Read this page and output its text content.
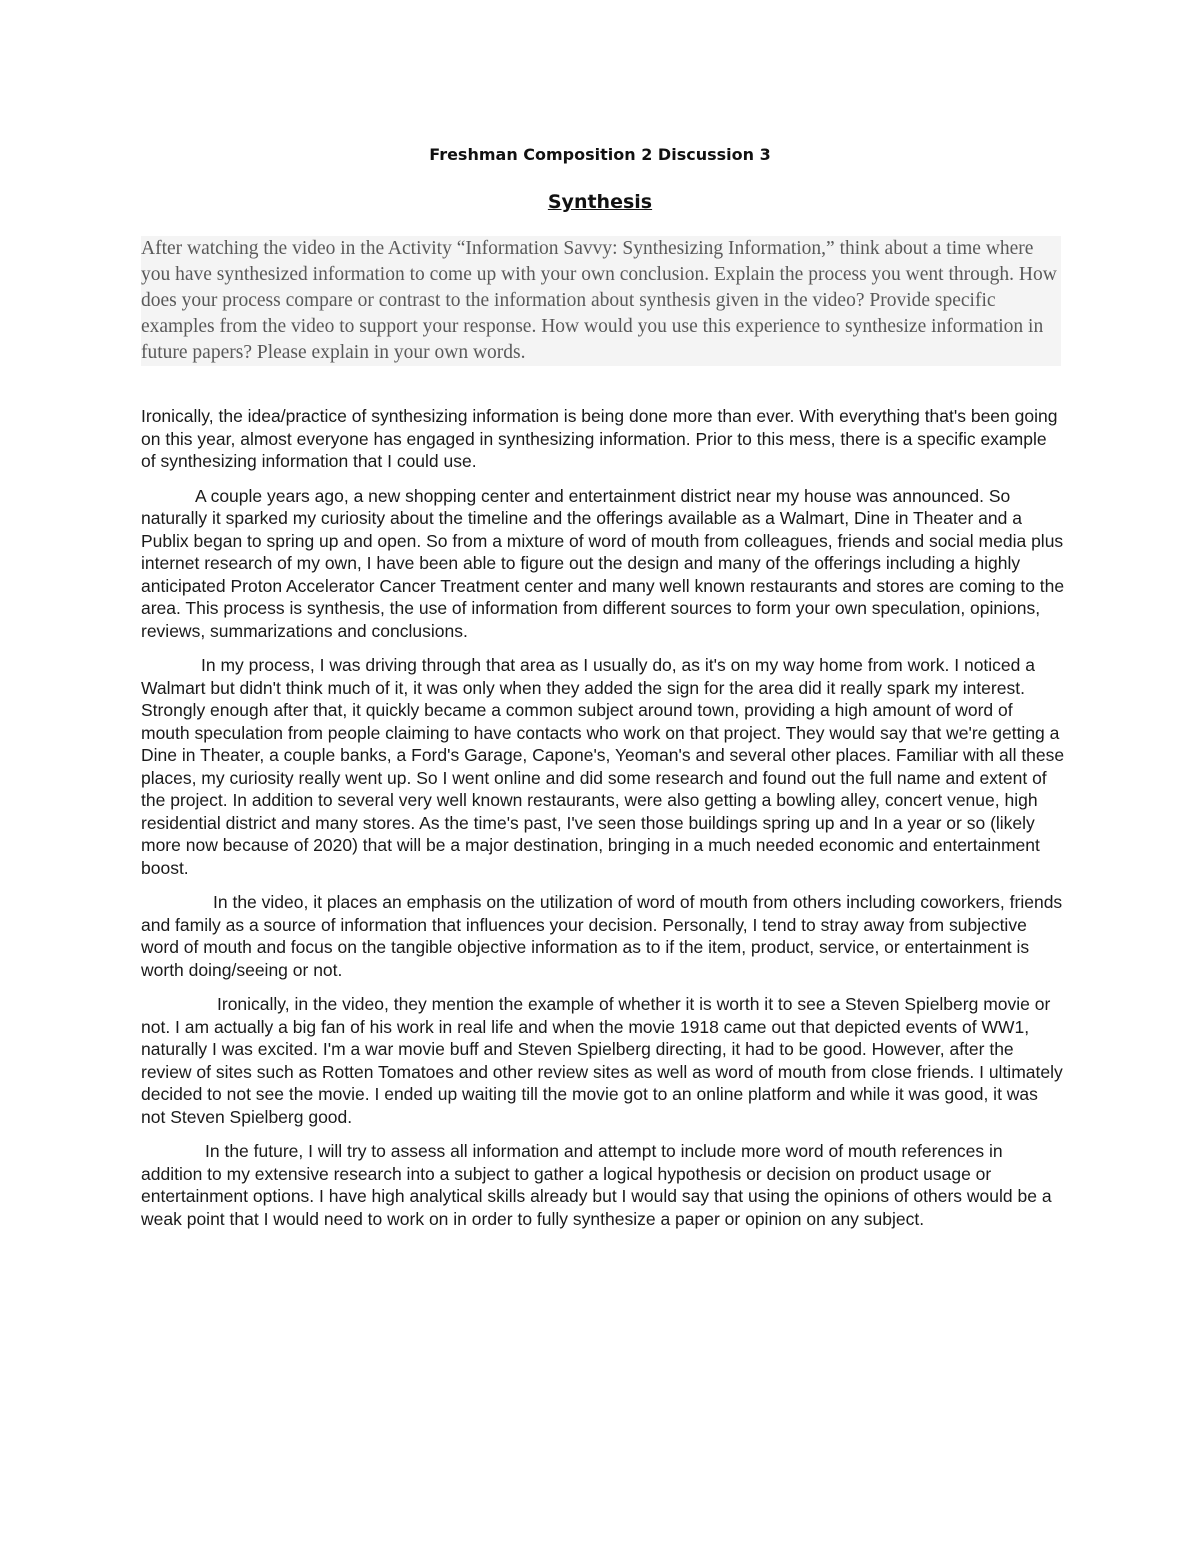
Freshman Composition 2 Discussion 3
Synthesis

After watching the video in the Activity “Information Savvy: Synthesizing Information,” think about a time where you have synthesized information to come up with your own conclusion. Explain the process you went through. How does your process compare or contrast to the information about synthesis given in the video? Provide specific examples from the video to support your response. How would you use this experience to synthesize information in future papers? Please explain in your own words.

Ironically, the idea/practice of synthesizing information is being done more than ever. With everything that's been going on this year, almost everyone has engaged in synthesizing information. Prior to this mess, there is a specific example of synthesizing information that I could use.

A couple years ago, a new shopping center and entertainment district near my house was announced. So naturally it sparked my curiosity about the timeline and the offerings available as a Walmart, Dine in Theater and a Publix began to spring up and open. So from a mixture of word of mouth from colleagues, friends and social media plus internet research of my own, I have been able to figure out the design and many of the offerings including a highly anticipated Proton Accelerator Cancer Treatment center and many well known restaurants and stores are coming to the area. This process is synthesis, the use of information from different sources to form your own speculation, opinions, reviews, summarizations and conclusions.

In my process, I was driving through that area as I usually do, as it's on my way home from work. I noticed a Walmart but didn't think much of it, it was only when they added the sign for the area did it really spark my interest. Strongly enough after that, it quickly became a common subject around town, providing a high amount of word of mouth speculation from people claiming to have contacts who work on that project. They would say that we're getting a Dine in Theater, a couple banks, a Ford's Garage, Capone's, Yeoman's and several other places. Familiar with all these places, my curiosity really went up. So I went online and did some research and found out the full name and extent of the project. In addition to several very well known restaurants, were also getting a bowling alley, concert venue, high residential district and many stores. As the time's past, I've seen those buildings spring up and In a year or so (likely more now because of 2020) that will be a major destination, bringing in a much needed economic and entertainment boost.

In the video, it places an emphasis on the utilization of word of mouth from others including coworkers, friends and family as a source of information that influences your decision. Personally, I tend to stray away from subjective word of mouth and focus on the tangible objective information as to if the item, product, service, or entertainment is worth doing/seeing or not.

Ironically, in the video, they mention the example of whether it is worth it to see a Steven Spielberg movie or not. I am actually a big fan of his work in real life and when the movie 1918 came out that depicted events of WW1, naturally I was excited. I'm a war movie buff and Steven Spielberg directing, it had to be good. However, after the review of sites such as Rotten Tomatoes and other review sites as well as word of mouth from close friends. I ultimately decided to not see the movie. I ended up waiting till the movie got to an online platform and while it was good, it was not Steven Spielberg good.

In the future, I will try to assess all information and attempt to include more word of mouth references in addition to my extensive research into a subject to gather a logical hypothesis or decision on product usage or entertainment options. I have high analytical skills already but I would say that using the opinions of others would be a weak point that I would need to work on in order to fully synthesize a paper or opinion on any subject.
